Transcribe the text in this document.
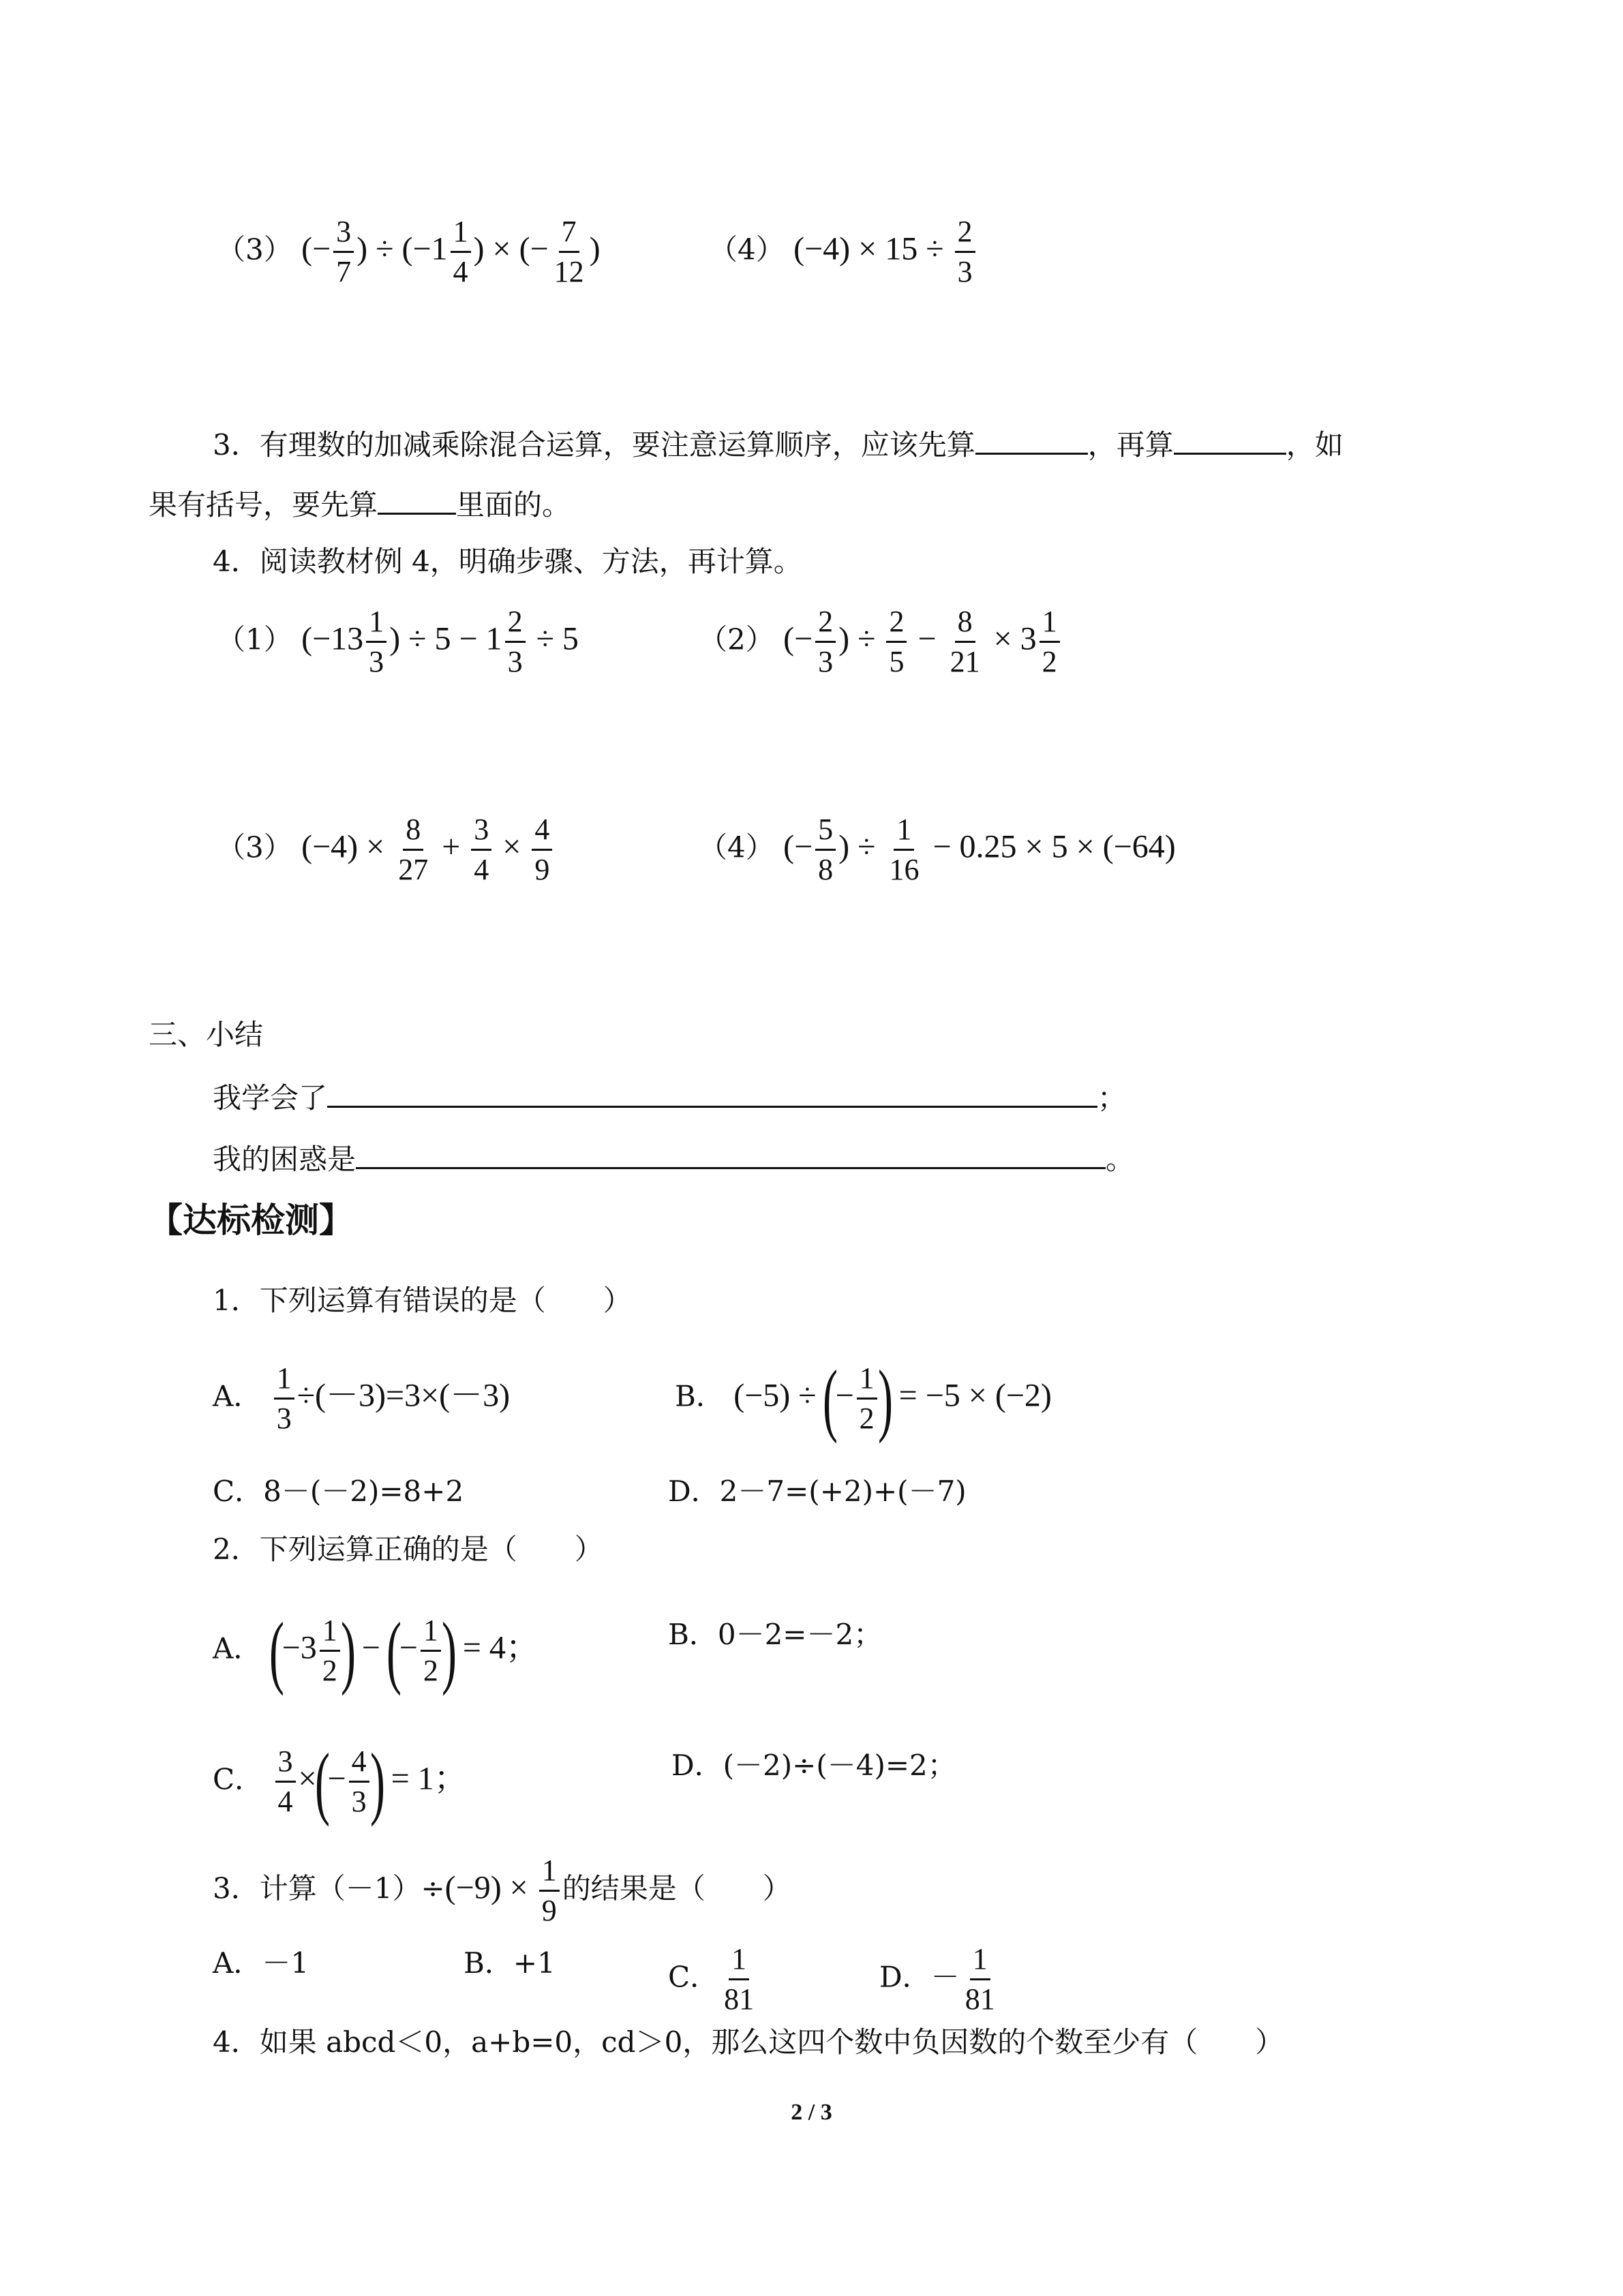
（3） (− $\frac{3}{7}$ ) ÷ ($-1 \frac{1}{4}$ ) × (− $\frac{7}{12}$ )	（4） $(-4) \times 15 \div \frac{2}{3}$
3．有理数的加减乘除混合运算，要注意运算顺序，应该先算	，再算	，如
果有括号，要先算	里面的。
4．阅读教材例 4，明确步骤、方法，再计算。
（1） ($-13 \frac{1}{3}$ ) ÷ $5 - 1 \frac{2}{3} \div 5$	（2） (− $\frac{2}{3}$ ) ÷ $\frac{2}{5} - \frac{8}{21} \times 3 \frac{1}{2}$
（3） $(-4) \times \frac{8}{27} + \frac{3}{4} \times \frac{4}{9}$	（4） (− $\frac{5}{8}$ ) ÷ $\frac{1}{16} - 0.25 \times 5 \times (-64)$
三、小结
我学会了	；
我的困惑是	。
【达标检测】
1．下列运算有错误的是（　　）
A． $\frac{1}{3} \div(-3)=3\times(-3)$	B． (−5) ÷ (− $\frac{1}{2}$ ) = −5 × (−2)
C．8－(－2)=8+2	D．2－7=(+2)+(－7)
2．下列运算正确的是（　　）
A． ($-3 \frac{1}{2}$ ) − (− $\frac{1}{2}$ ) = 4；	B．0－2=－2；
C． $\frac{3}{4}$ ×(− $\frac{4}{3}$ ) = 1；	D．(－2)÷(－4)=2；
3．计算$(-1)\div(-9) \times \frac{1}{9}$ 的结果是（　　）
A．－1	B．+1	C． $\frac{1}{81}$	D．－ $\frac{1}{81}$
4．如果 abcd＜0，a+b=0，cd＞0，那么这四个数中负因数的个数至少有（　　）
2 / 3
